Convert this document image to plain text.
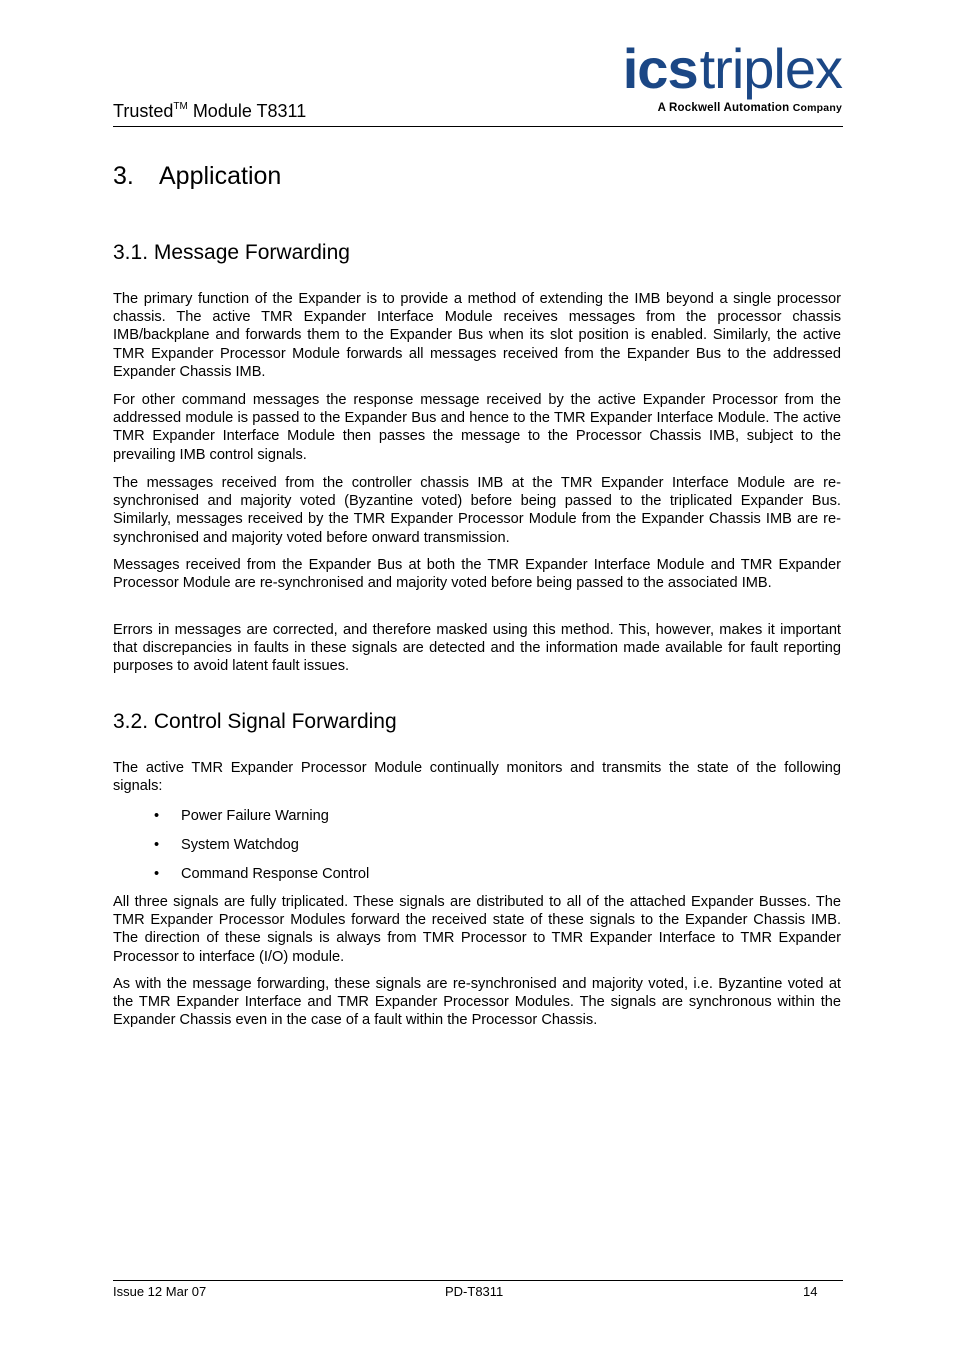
Trusted™ Module T8311
icstriplex
A Rockwell Automation Company
3. Application
3.1. Message Forwarding
The primary function of the Expander is to provide a method of extending the IMB beyond a single processor chassis. The active TMR Expander Interface Module receives messages from the processor chassis IMB/backplane and forwards them to the Expander Bus when its slot position is enabled. Similarly, the active TMR Expander Processor Module forwards all messages received from the Expander Bus to the addressed Expander Chassis IMB.
For other command messages the response message received by the active Expander Processor from the addressed module is passed to the Expander Bus and hence to the TMR Expander Interface Module. The active TMR Expander Interface Module then passes the message to the Processor Chassis IMB, subject to the prevailing IMB control signals.
The messages received from the controller chassis IMB at the TMR Expander Interface Module are re-synchronised and majority voted (Byzantine voted) before being passed to the triplicated Expander Bus. Similarly, messages received by the TMR Expander Processor Module from the Expander Chassis IMB are re-synchronised and majority voted before onward transmission.
Messages received from the Expander Bus at both the TMR Expander Interface Module and TMR Expander Processor Module are re-synchronised and majority voted before being passed to the associated IMB.
Errors in messages are corrected, and therefore masked using this method. This, however, makes it important that discrepancies in faults in these signals are detected and the information made available for fault reporting purposes to avoid latent fault issues.
3.2. Control Signal Forwarding
The active TMR Expander Processor Module continually monitors and transmits the state of the following signals:
• Power Failure Warning
• System Watchdog
• Command Response Control
All three signals are fully triplicated. These signals are distributed to all of the attached Expander Busses. The TMR Expander Processor Modules forward the received state of these signals to the Expander Chassis IMB. The direction of these signals is always from TMR Processor to TMR Expander Interface to TMR Expander Processor to interface (I/O) module.
As with the message forwarding, these signals are re-synchronised and majority voted, i.e. Byzantine voted at the TMR Expander Interface and TMR Expander Processor Modules. The signals are synchronous within the Expander Chassis even in the case of a fault within the Processor Chassis.
Issue 12 Mar 07	PD-T8311	14
